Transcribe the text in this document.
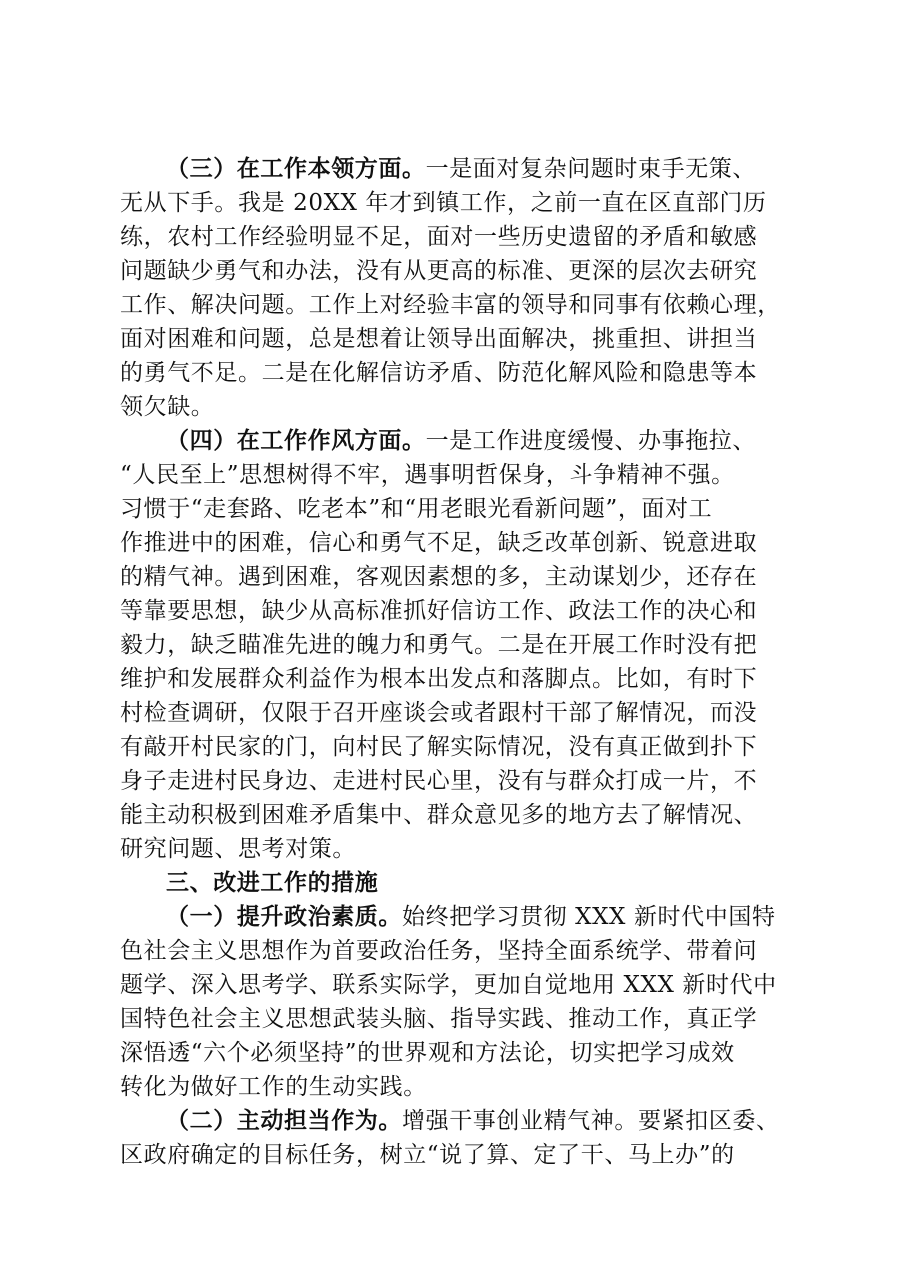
（三）在工作本领方面。一是面对复杂问题时束手无策、
无从下手。我是 20XX 年才到镇工作，之前一直在区直部门历
练，农村工作经验明显不足，面对一些历史遗留的矛盾和敏感
问题缺少勇气和办法，没有从更高的标准、更深的层次去研究
工作、解决问题。工作上对经验丰富的领导和同事有依赖心理，
面对困难和问题，总是想着让领导出面解决，挑重担、讲担当
的勇气不足。二是在化解信访矛盾、防范化解风险和隐患等本
领欠缺。
（四）在工作作风方面。一是工作进度缓慢、办事拖拉、
“人民至上”思想树得不牢，遇事明哲保身，斗争精神不强。
习惯于“走套路、吃老本”和“用老眼光看新问题”，面对工
作推进中的困难，信心和勇气不足，缺乏改革创新、锐意进取
的精气神。遇到困难，客观因素想的多，主动谋划少，还存在
等靠要思想，缺少从高标准抓好信访工作、政法工作的决心和
毅力，缺乏瞄准先进的魄力和勇气。二是在开展工作时没有把
维护和发展群众利益作为根本出发点和落脚点。比如，有时下
村检查调研，仅限于召开座谈会或者跟村干部了解情况，而没
有敲开村民家的门，向村民了解实际情况，没有真正做到扑下
身子走进村民身边、走进村民心里，没有与群众打成一片，不
能主动积极到困难矛盾集中、群众意见多的地方去了解情况、
研究问题、思考对策。
三、改进工作的措施
（一）提升政治素质。始终把学习贯彻 XXX 新时代中国特
色社会主义思想作为首要政治任务，坚持全面系统学、带着问
题学、深入思考学、联系实际学，更加自觉地用 XXX 新时代中
国特色社会主义思想武装头脑、指导实践、推动工作，真正学
深悟透“六个必须坚持”的世界观和方法论，切实把学习成效
转化为做好工作的生动实践。
（二）主动担当作为。增强干事创业精气神。要紧扣区委、
区政府确定的目标任务，树立“说了算、定了干、马上办”的
